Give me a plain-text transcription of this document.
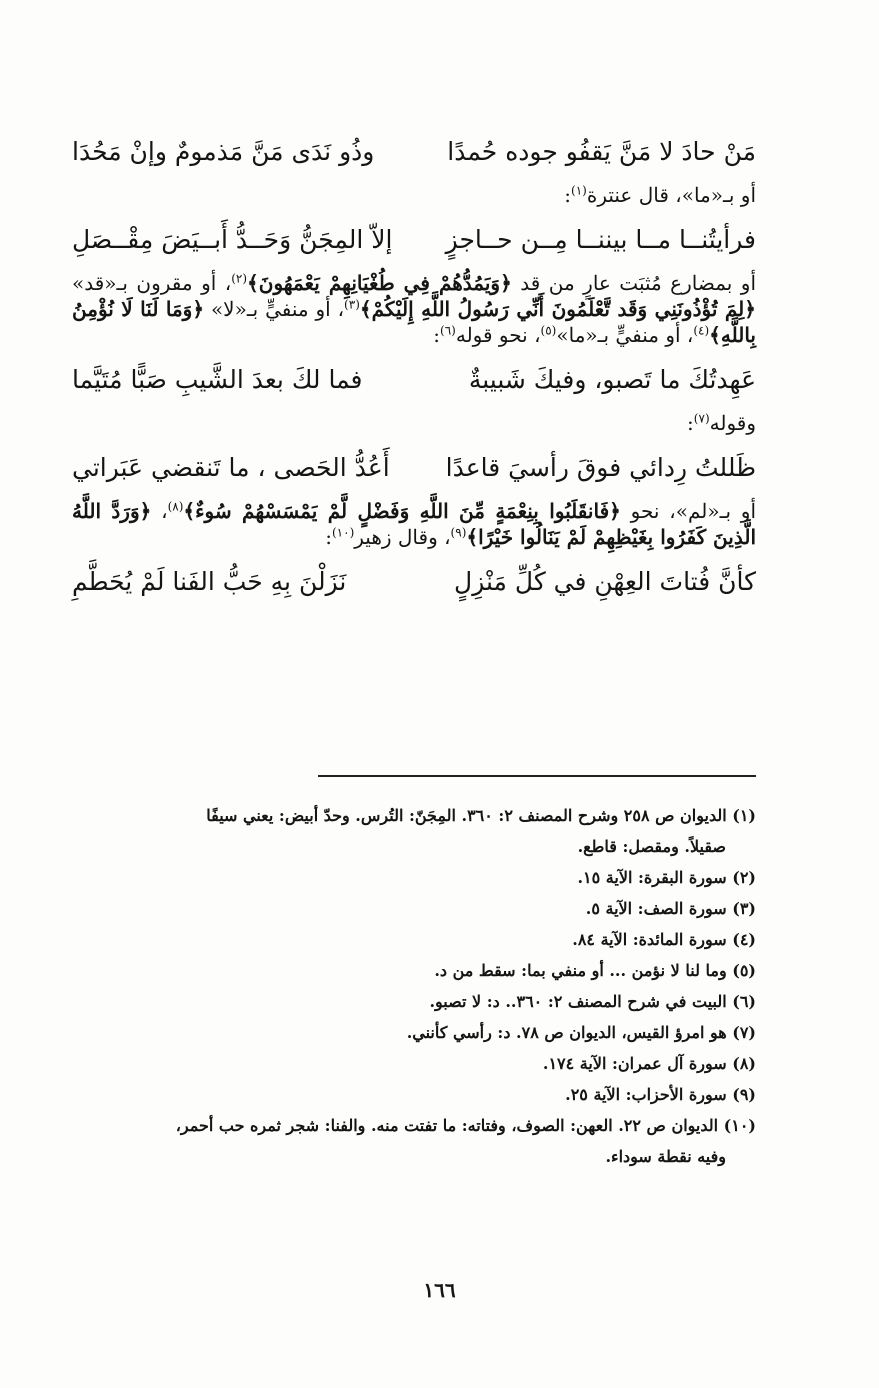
مَنْ حادَ لا مَنَّ يَقفُو جوده حُمدًا
وذُو نَدَى مَنَّ مَذمومٌ وإنْ مَحُدَا
أو بـ«ما»، قال عنترة$^{(١)}$:
فرأيتُنــا مــا بيننــا مِــن حــاجزٍ
إلاّ المِجَنُّ وَحَــدُّ أَبــيَضَ مِقْــصَلِ
أو بمضارع مُثبَت عارٍ من قد ﴿وَيَمُدُّهُمْ فِي طُغْيَانِهِمْ يَعْمَهُونَ﴾$^{(٢)}$، أو مقرون بـ«قد» ﴿لِمَ تُؤْذُونَنِي وَقَد تَّعْلَمُونَ أَنِّي رَسُولُ اللَّهِ إِلَيْكُمْ﴾$^{(٣)}$، أو منفيٍّ بـ«لا» ﴿وَمَا لَنَا لَا نُؤْمِنُ بِاللَّهِ﴾$^{(٤)}$، أو منفيٍّ بـ«ما»$^{(٥)}$، نحو قوله$^{(٦)}$:
عَهِدتُكَ ما تَصبو، وفيكَ شَبيبةٌ
فما لكَ بعدَ الشَّيبِ صَبًّا مُتَيَّما
وقوله$^{(٧)}$:
ظَللتُ رِدائي فوقَ رأسيَ قاعدًا
أَعُدُّ الحَصى ، ما تَنقضي عَبَراتي
أو بـ«لم»، نحو ﴿فَانقَلَبُوا بِنِعْمَةٍ مِّنَ اللَّهِ وَفَضْلٍ لَّمْ يَمْسَسْهُمْ سُوءٌ﴾$^{(٨)}$، ﴿وَرَدَّ اللَّهُ الَّذِينَ كَفَرُوا بِغَيْظِهِمْ لَمْ يَنَالُوا خَيْرًا﴾$^{(٩)}$، وقال زهير$^{(١٠)}$:
كأنَّ فُتاتَ العِهْنِ في كُلِّ مَنْزِلٍ
نَزَلْنَ بِهِ حَبُّ الفَنا لَمْ يُحَطَّمِ
(١) الديوان ص ٢٥٨ وشرح المصنف ٢: ٣٦٠. المِجَنّ: التُرس. وحدّ أبيض: يعني سيفًا
صقيلاً. ومقصل: قاطع.
(٢) سورة البقرة: الآية ١٥.
(٣) سورة الصف: الآية ٥.
(٤) سورة المائدة: الآية ٨٤.
(٥) وما لنا لا نؤمن ... أو منفي بما: سقط من د.
(٦) البيت في شرح المصنف ٢: ٣٦٠.. د: لا تصبو.
(٧) هو امرؤ القيس، الديوان ص ٧٨. د: رأسي كأنني.
(٨) سورة آل عمران: الآية ١٧٤.
(٩) سورة الأحزاب: الآية ٢٥.
(١٠) الديوان ص ٢٢. العهن: الصوف، وفتاته: ما تفتت منه. والفنا: شجر ثمره حب أحمر،
وفيه نقطة سوداء.
١٦٦
